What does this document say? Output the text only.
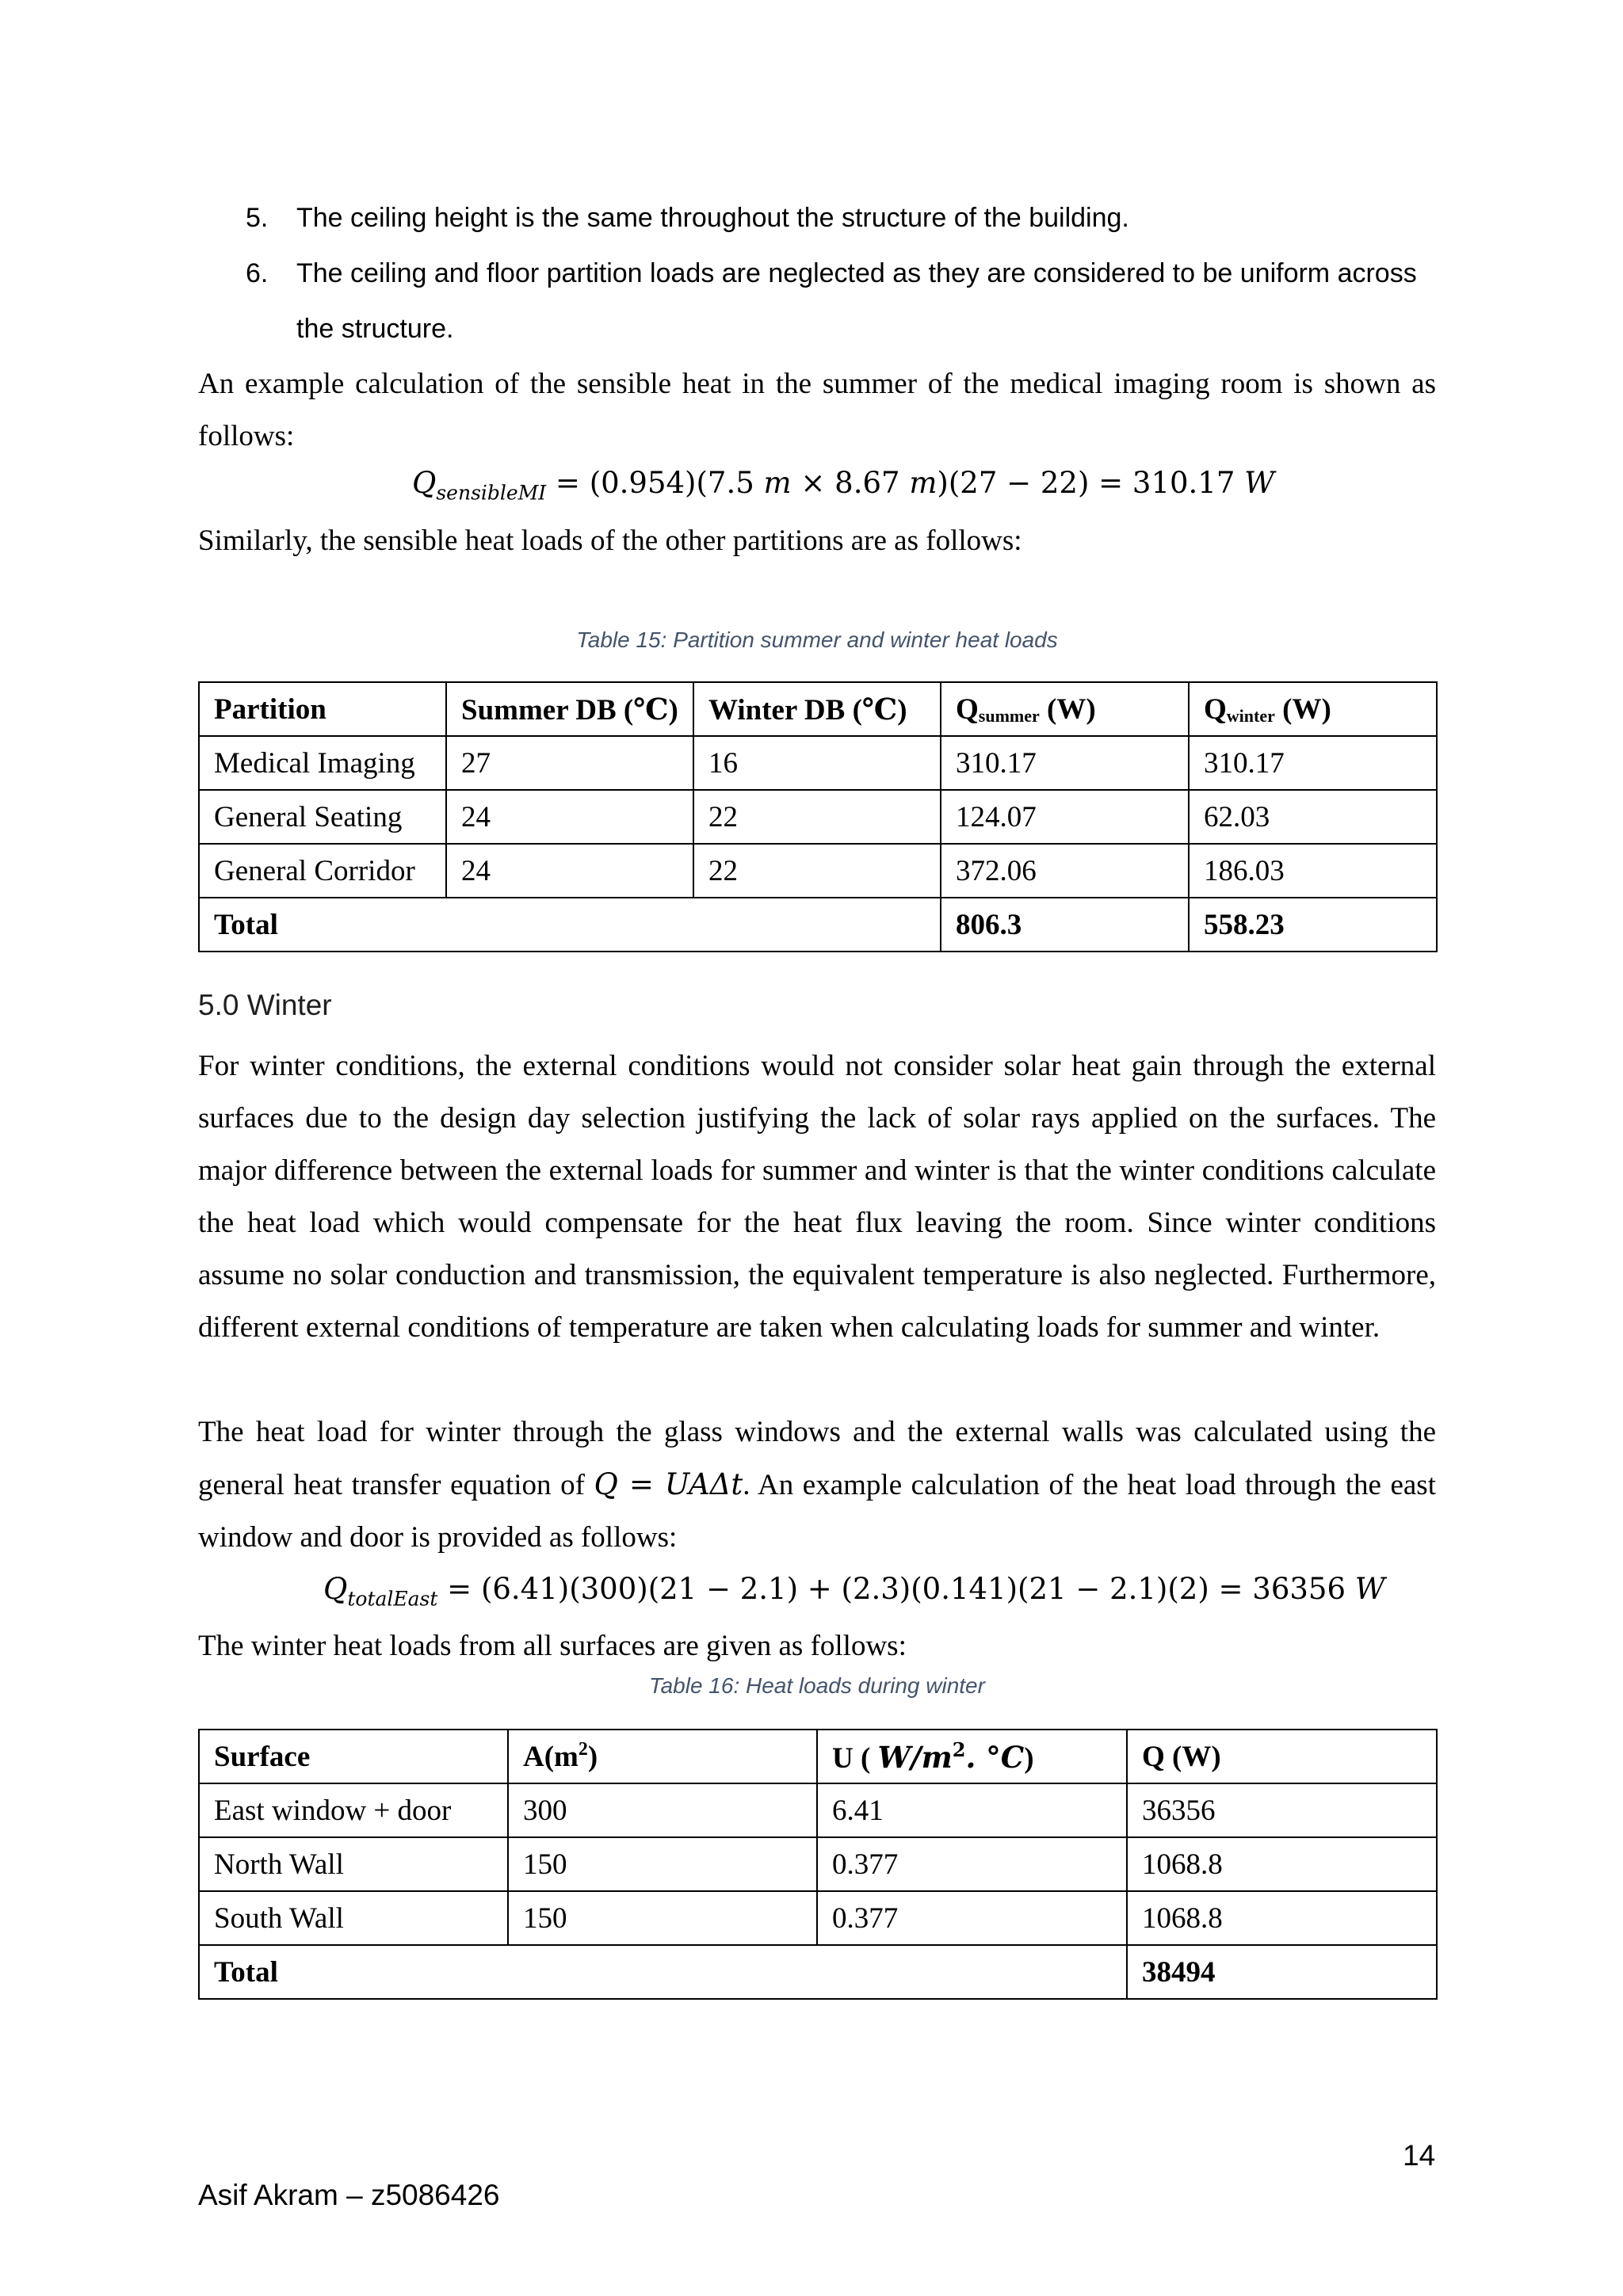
5. The ceiling height is the same throughout the structure of the building.
6. The ceiling and floor partition loads are neglected as they are considered to be uniform across the structure.

An example calculation of the sensible heat in the summer of the medical imaging room is shown as follows:

$Q_{sensibleMI} = (0.954)(7.5$ m × 8.67 m)(27 − 22) = 310.17 W

Similarly, the sensible heat loads of the other partitions are as follows:

Table 15: Partition summer and winter heat loads
Partition	Summer DB (℃)	Winter DB (℃)	Qsummer (W)	Qwinter (W)
Medical Imaging	27	16	310.17	310.17
General Seating	24	22	124.07	62.03
General Corridor	24	22	372.06	186.03
Total			806.3	558.23
5.0 Winter

For winter conditions, the external conditions would not consider solar heat gain through the external surfaces due to the design day selection justifying the lack of solar rays applied on the surfaces. The major difference between the external loads for summer and winter is that the winter conditions calculate the heat load which would compensate for the heat flux leaving the room. Since winter conditions assume no solar conduction and transmission, the equivalent temperature is also neglected. Furthermore, different external conditions of temperature are taken when calculating loads for summer and winter.

The heat load for winter through the glass windows and the external walls was calculated using the general heat transfer equation of Q = UAΔt. An example calculation of the heat load through the east window and door is provided as follows:

$Q_{totalEast} = (6.41)(300)(21 - 2.1) + (2.3)(0.141)(21 - 2.1)(2) = 36356$ W

The winter heat loads from all surfaces are given as follows:

Table 16: Heat loads during winter
Surface	$A(m^2)$	U ( $W/m^2$. °C)	Q (W)
East window + door	300	6.41	36356
North Wall	150	0.377	1068.8
South Wall	150	0.377	1068.8
Total			38494
14
Asif Akram – z5086426
